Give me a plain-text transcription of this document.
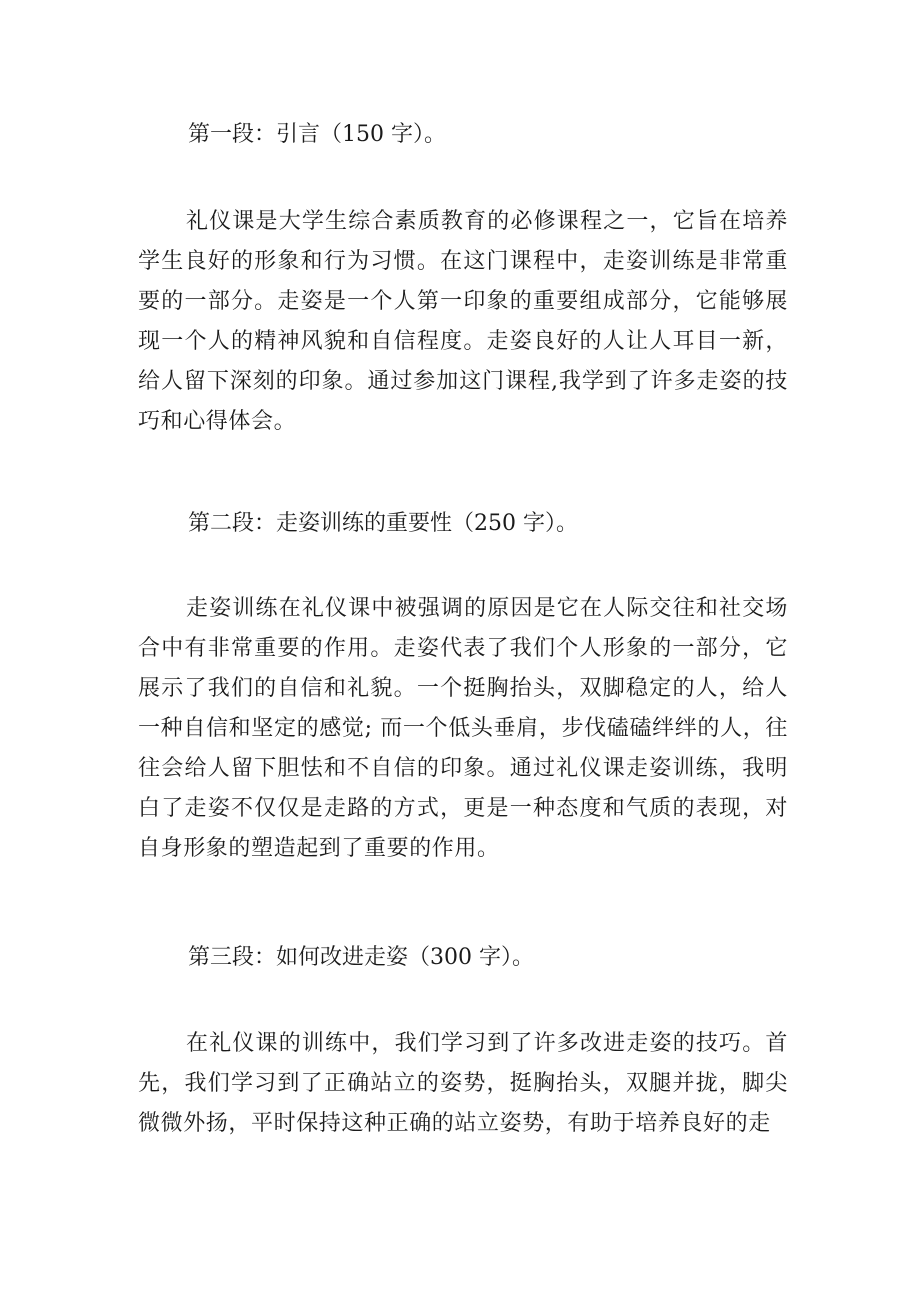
第一段：引言（150 字）。

礼仪课是大学生综合素质教育的必修课程之一，它旨在培养学生良好的形象和行为习惯。在这门课程中，走姿训练是非常重要的一部分。走姿是一个人第一印象的重要组成部分，它能够展现一个人的精神风貌和自信程度。走姿良好的人让人耳目一新，给人留下深刻的印象。通过参加这门课程,我学到了许多走姿的技巧和心得体会。

第二段：走姿训练的重要性（250 字）。

走姿训练在礼仪课中被强调的原因是它在人际交往和社交场合中有非常重要的作用。走姿代表了我们个人形象的一部分，它展示了我们的自信和礼貌。一个挺胸抬头，双脚稳定的人，给人一种自信和坚定的感觉; 而一个低头垂肩，步伐磕磕绊绊的人，往往会给人留下胆怯和不自信的印象。通过礼仪课走姿训练，我明白了走姿不仅仅是走路的方式，更是一种态度和气质的表现，对自身形象的塑造起到了重要的作用。

第三段：如何改进走姿（300 字）。

在礼仪课的训练中，我们学习到了许多改进走姿的技巧。首先，我们学习到了正确站立的姿势，挺胸抬头，双腿并拢，脚尖微微外扬，平时保持这种正确的站立姿势，有助于培养良好的走
